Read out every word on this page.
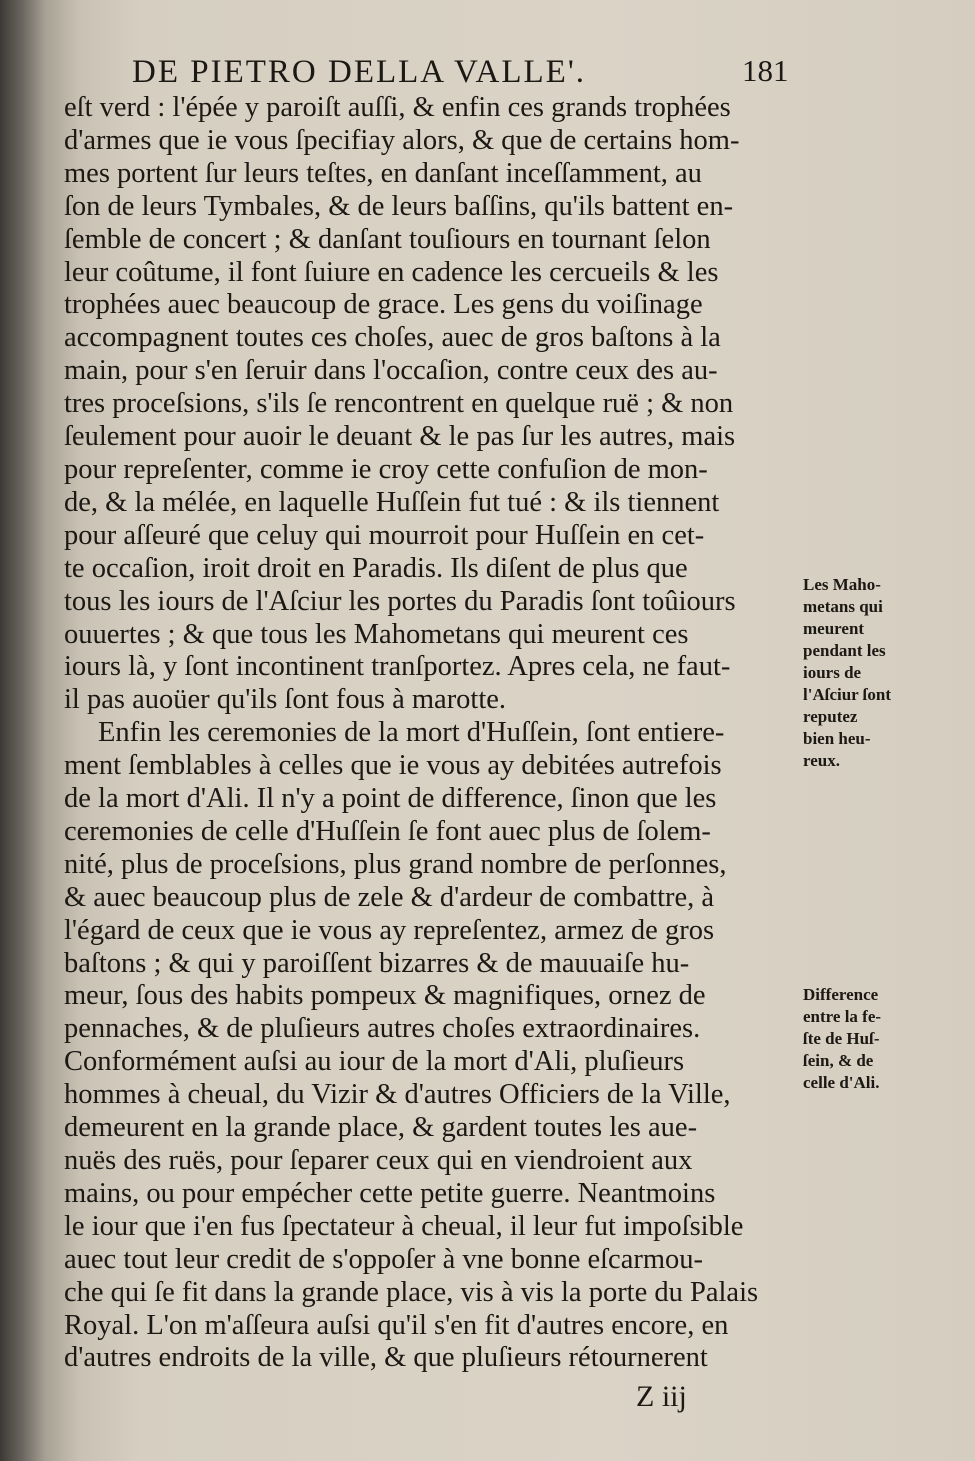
DE PIETRO DELLA VALLE'.	181
eſt verd : l'épée y paroiſt auſſi, & enfin ces grands trophées
d'armes que ie vous ſpecifiay alors, & que de certains hom-
mes portent ſur leurs teſtes, en danſant inceſſamment, au
ſon de leurs Tymbales, & de leurs baſſins, qu'ils battent en-
ſemble de concert ; & danſant touſiours en tournant ſelon
leur coûtume, il font ſuiure en cadence les cercueils & les
trophées auec beaucoup de grace. Les gens du voiſinage
accompagnent toutes ces choſes, auec de gros baſtons à la
main, pour s'en ſeruir dans l'occaſion, contre ceux des au-
tres proceſsions, s'ils ſe rencontrent en quelque ruë ; & non
ſeulement pour auoir le deuant & le pas ſur les autres, mais
pour repreſenter, comme ie croy cette confuſion de mon-
de, & la mélée, en laquelle Huſſein fut tué : & ils tiennent
pour aſſeuré que celuy qui mourroit pour Huſſein en cet-
te occaſion, iroit droit en Paradis. Ils diſent de plus que
tous les iours de l'Aſciur les portes du Paradis ſont toûiours
ouuertes ; & que tous les Mahometans qui meurent ces
iours là, y ſont incontinent tranſportez. Apres cela, ne faut-
il pas auoüer qu'ils ſont fous à marotte.
Enfin les ceremonies de la mort d'Huſſein, ſont entiere-
ment ſemblables à celles que ie vous ay debitées autrefois
de la mort d'Ali. Il n'y a point de difference, ſinon que les
ceremonies de celle d'Huſſein ſe font auec plus de ſolem-
nité, plus de proceſsions, plus grand nombre de perſonnes,
& auec beaucoup plus de zele & d'ardeur de combattre, à
l'égard de ceux que ie vous ay repreſentez, armez de gros
baſtons ; & qui y paroiſſent bizarres & de mauuaiſe hu-
meur, ſous des habits pompeux & magnifiques, ornez de
pennaches, & de pluſieurs autres choſes extraordinaires.
Conformément auſsi au iour de la mort d'Ali, pluſieurs
hommes à cheual, du Vizir & d'autres Officiers de la Ville,
demeurent en la grande place, & gardent toutes les aue-
nuës des ruës, pour ſeparer ceux qui en viendroient aux
mains, ou pour empécher cette petite guerre. Neantmoins
le iour que i'en fus ſpectateur à cheual, il leur fut impoſsible
auec tout leur credit de s'oppoſer à vne bonne eſcarmou-
che qui ſe fit dans la grande place, vis à vis la porte du Palais
Royal. L'on m'aſſeura auſsi qu'il s'en fit d'autres encore, en
d'autres endroits de la ville, & que pluſieurs rétournerent
Les Maho-
metans qui
meurent
pendant les
iours de
l'Aſciur ſont
reputez
bien heu-
reux.
Difference
entre la fe-
ſte de Huſ-
ſein, & de
celle d'Ali.
Z iij
